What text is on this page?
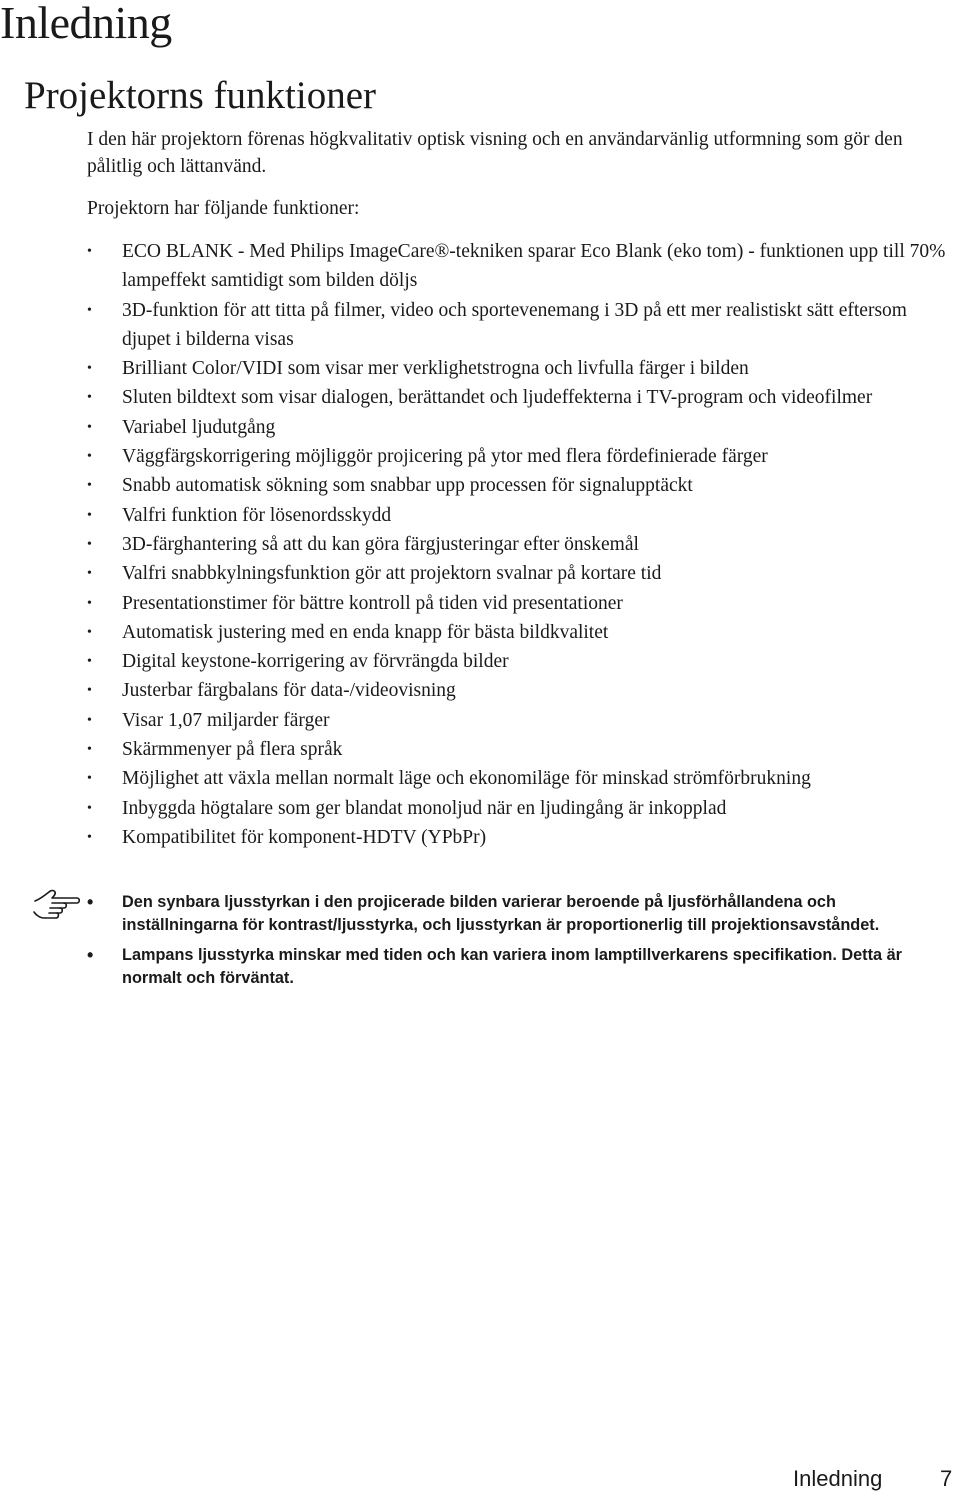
Inledning
Projektorns funktioner

I den här projektorn förenas högkvalitativ optisk visning och en användarvänlig utformning som gör den pålitlig och lättanvänd.

Projektorn har följande funktioner:

• ECO BLANK - Med Philips ImageCare®-tekniken sparar Eco Blank (eko tom) - funktionen upp till 70% lampeffekt samtidigt som bilden döljs
• 3D-funktion för att titta på filmer, video och sportevenemang i 3D på ett mer realistiskt sätt eftersom djupet i bilderna visas
• Brilliant Color/VIDI som visar mer verklighetstrogna och livfulla färger i bilden
• Sluten bildtext som visar dialogen, berättandet och ljudeffekterna i TV-program och videofilmer
• Variabel ljudutgång
• Väggfärgskorrigering möjliggör projicering på ytor med flera fördefinierade färger
• Snabb automatisk sökning som snabbar upp processen för signalupptäckt
• Valfri funktion för lösenordsskydd
• 3D-färghantering så att du kan göra färgjusteringar efter önskemål
• Valfri snabbkylningsfunktion gör att projektorn svalnar på kortare tid
• Presentationstimer för bättre kontroll på tiden vid presentationer
• Automatisk justering med en enda knapp för bästa bildkvalitet
• Digital keystone-korrigering av förvrängda bilder
• Justerbar färgbalans för data-/videovisning
• Visar 1,07 miljarder färger
• Skärmmenyer på flera språk
• Möjlighet att växla mellan normalt läge och ekonomiläge för minskad strömförbrukning
• Inbyggda högtalare som ger blandat monoljud när en ljudingång är inkopplad
• Kompatibilitet för komponent-HDTV (YPbPr)
• Den synbara ljusstyrkan i den projicerade bilden varierar beroende på ljusförhållandena och inställningarna för kontrast/ljusstyrka, och ljusstyrkan är proportionerlig till projektionsavståndet.
• Lampans ljusstyrka minskar med tiden och kan variera inom lamptillverkarens specifikation. Detta är normalt och förväntat.
Inledning	7
